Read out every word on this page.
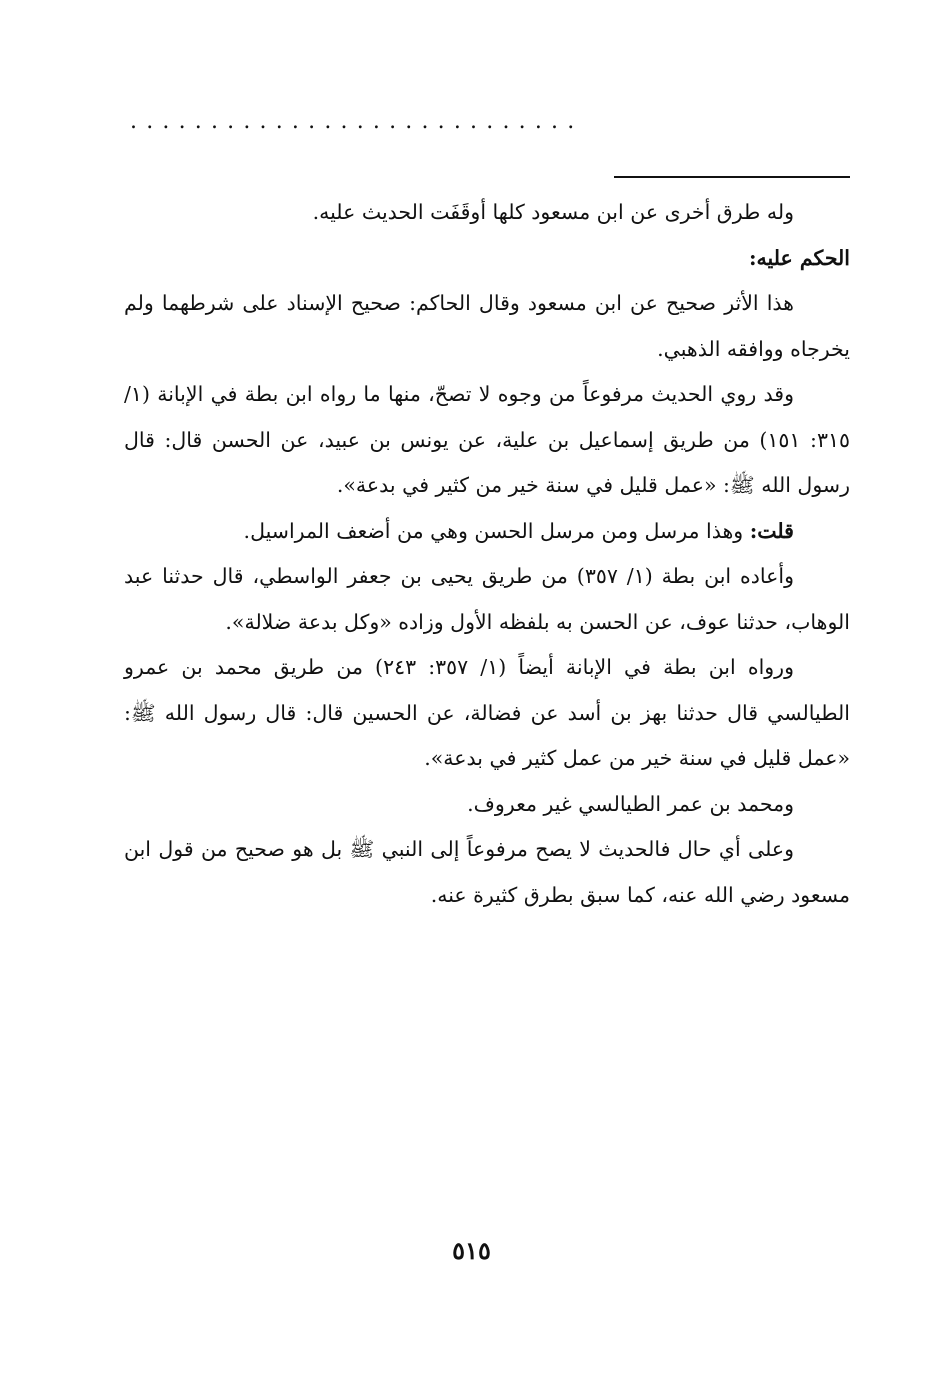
............................

وله طرق أخرى عن ابن مسعود كلها أوقَفَت الحديث عليه.

الحكم عليه:

هذا الأثر صحيح عن ابن مسعود وقال الحاكم: صحيح الإسناد على شرطهما ولم يخرجاه ووافقه الذهبي.

وقد روي الحديث مرفوعاً من وجوه لا تصحّ، منها ما رواه ابن بطة في الإبانة (١/ ٣١٥: ١٥١) من طريق إسماعيل بن علية، عن يونس بن عبيد، عن الحسن قال: قال رسول الله ﷺ: «عمل قليل في سنة خير من كثير في بدعة».

قلت: وهذا مرسل ومن مرسل الحسن وهي من أضعف المراسيل.

وأعاده ابن بطة (١/ ٣٥٧) من طريق يحيى بن جعفر الواسطي، قال حدثنا عبد الوهاب، حدثنا عوف، عن الحسن به بلفظه الأول وزاده «وكل بدعة ضلالة».

ورواه ابن بطة في الإبانة أيضاً (١/ ٣٥٧: ٢٤٣) من طريق محمد بن عمرو الطيالسي قال حدثنا بهز بن أسد عن فضالة، عن الحسين قال: قال رسول الله ﷺ: «عمل قليل في سنة خير من عمل كثير في بدعة».

ومحمد بن عمر الطيالسي غير معروف.

وعلى أي حال فالحديث لا يصح مرفوعاً إلى النبي ﷺ بل هو صحيح من قول ابن مسعود رضي الله عنه، كما سبق بطرق كثيرة عنه.

٥١٥
